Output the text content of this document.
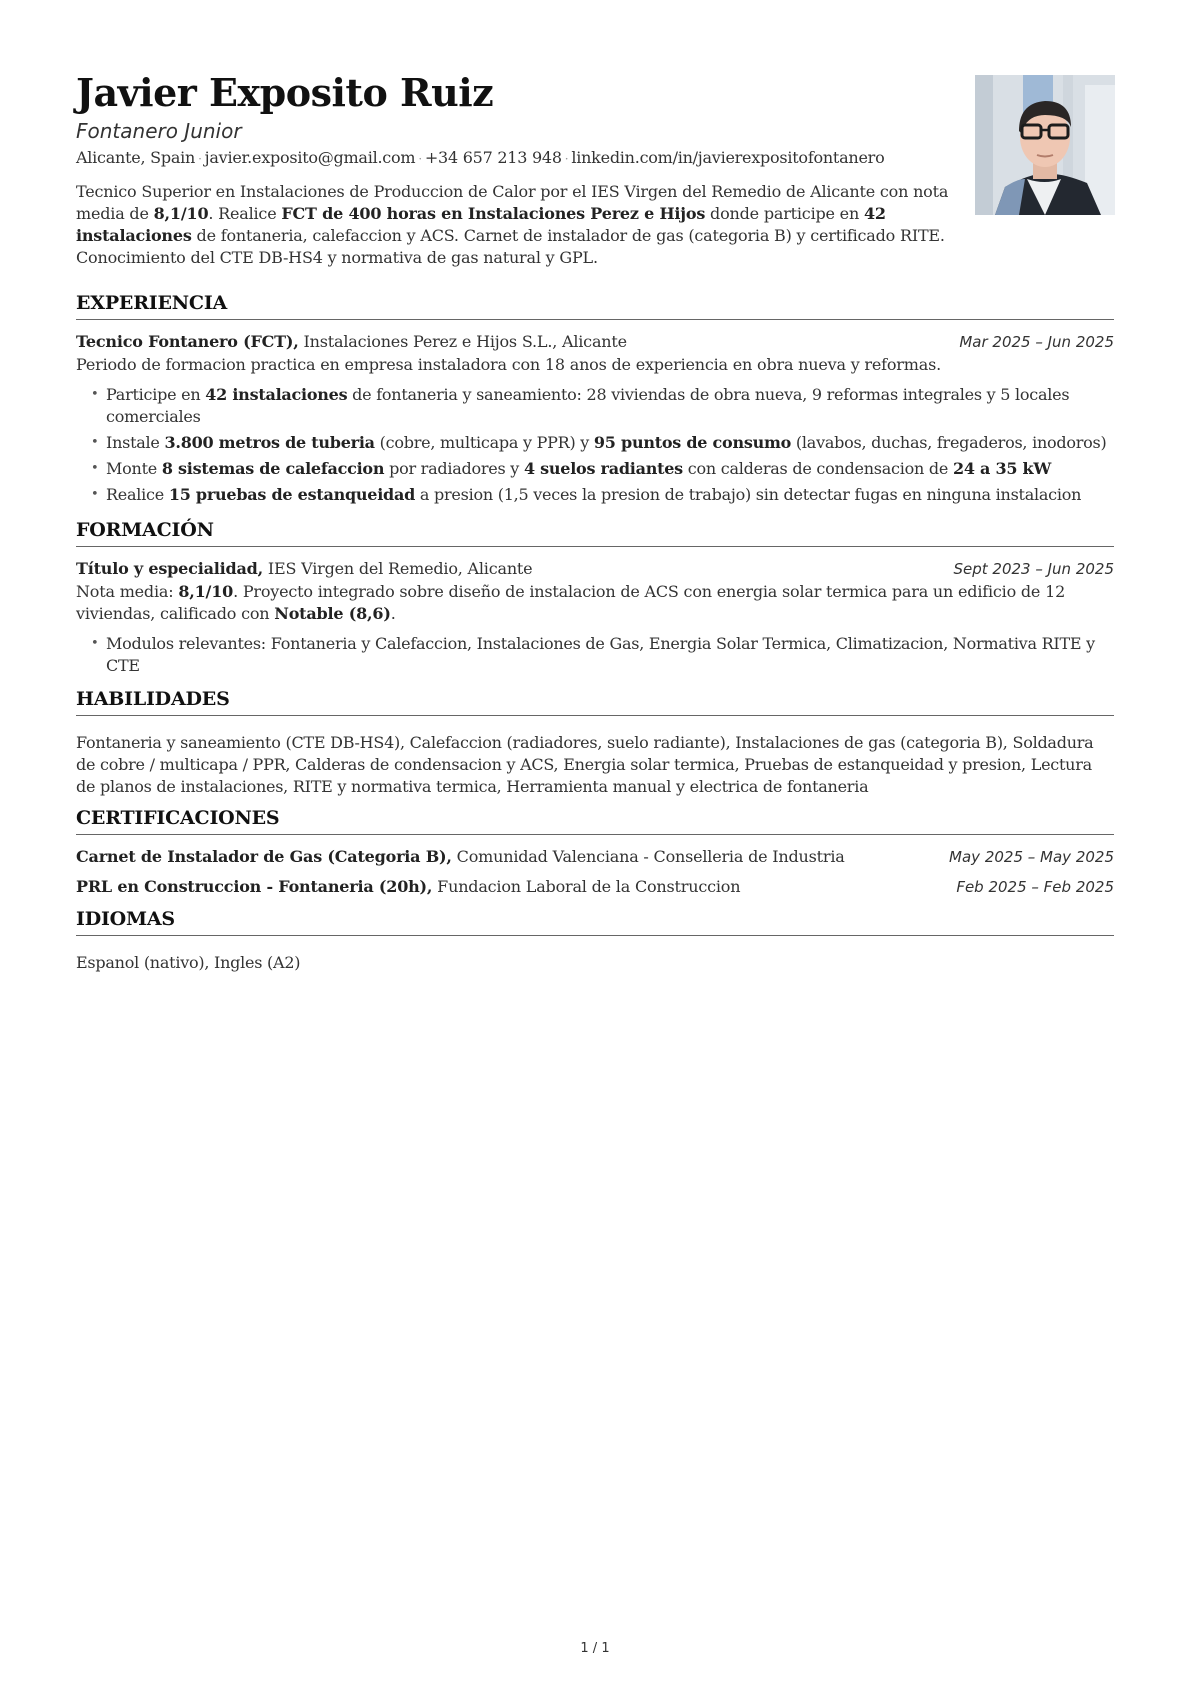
Javier Exposito Ruiz
Fontanero Junior
Alicante, Spain · javier.exposito@gmail.com · +34 657 213 948 · linkedin.com/in/javierexpositofontanero
Tecnico Superior en Instalaciones de Produccion de Calor por el IES Virgen del Remedio de Alicante con nota media de 8,1/10. Realice FCT de 400 horas en Instalaciones Perez e Hijos donde participe en 42 instalaciones de fontaneria, calefaccion y ACS. Carnet de instalador de gas (categoria B) y certificado RITE. Conocimiento del CTE DB-HS4 y normativa de gas natural y GPL.
EXPERIENCIA
Tecnico Fontanero (FCT), Instalaciones Perez e Hijos S.L., Alicante	Mar 2025 – Jun 2025
Periodo de formacion practica en empresa instaladora con 18 anos de experiencia en obra nueva y reformas.
• Participe en 42 instalaciones de fontaneria y saneamiento: 28 viviendas de obra nueva, 9 reformas integrales y 5 locales comerciales
• Instale 3.800 metros de tuberia (cobre, multicapa y PPR) y 95 puntos de consumo (lavabos, duchas, fregaderos, inodoros)
• Monte 8 sistemas de calefaccion por radiadores y 4 suelos radiantes con calderas de condensacion de 24 a 35 kW
• Realice 15 pruebas de estanqueidad a presion (1,5 veces la presion de trabajo) sin detectar fugas en ninguna instalacion
FORMACIÓN
Título y especialidad, IES Virgen del Remedio, Alicante	Sept 2023 – Jun 2025
Nota media: 8,1/10. Proyecto integrado sobre diseño de instalacion de ACS con energia solar termica para un edificio de 12 viviendas, calificado con Notable (8,6).
• Modulos relevantes: Fontaneria y Calefaccion, Instalaciones de Gas, Energia Solar Termica, Climatizacion, Normativa RITE y CTE
HABILIDADES
Fontaneria y saneamiento (CTE DB-HS4), Calefaccion (radiadores, suelo radiante), Instalaciones de gas (categoria B), Soldadura de cobre / multicapa / PPR, Calderas de condensacion y ACS, Energia solar termica, Pruebas de estanqueidad y presion, Lectura de planos de instalaciones, RITE y normativa termica, Herramienta manual y electrica de fontaneria
CERTIFICACIONES
Carnet de Instalador de Gas (Categoria B), Comunidad Valenciana - Conselleria de Industria	May 2025 – May 2025
PRL en Construccion - Fontaneria (20h), Fundacion Laboral de la Construccion	Feb 2025 – Feb 2025
IDIOMAS
Espanol (nativo), Ingles (A2)
1 / 1
